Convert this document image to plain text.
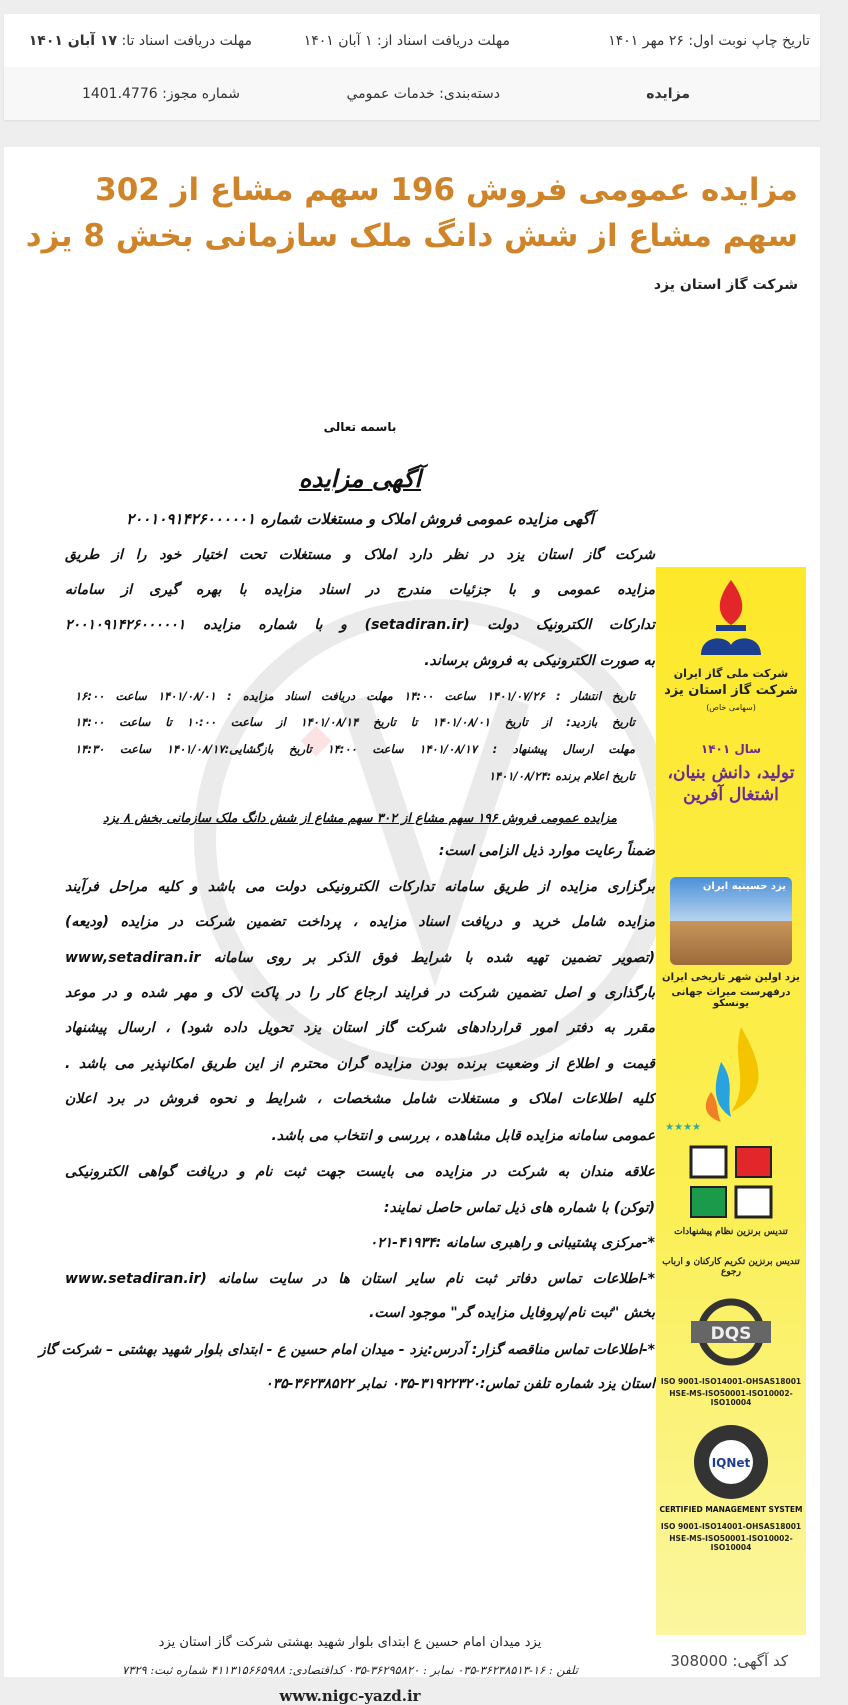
تاریخ چاپ نوبت اول: ۲۶ مهر ۱۴۰۱
مهلت دریافت اسناد از: ۱ آبان ۱۴۰۱
مهلت دریافت اسناد تا: ۱۷ آبان ۱۴۰۱
مزایده
دسته‌بندی: خدمات عمومي
شماره مجوز: 1401.4776
مزایده عمومی فروش 196 سهم مشاع از 302 سهم مشاع از شش دانگ ملک سازمانی بخش 8 یزد
شرکت گاز استان یزد
باسمه تعالی
آگهی مزایده
آگهی مزایده عمومی فروش املاک و مستغلات شماره ۲۰۰۱۰۹۱۴۲۶۰۰۰۰۰۱
شرکت گاز استان یزد در نظر دارد املاک و مستغلات تحت اختیار خود را از طریق
مزایده عمومی و با جزئیات مندرج در اسناد مزایده با بهره گیری از سامانه
تدارکات الکترونیک دولت (setadiran.ir) و با شماره مزایده ۲۰۰۱۰۹۱۴۲۶۰۰۰۰۰۱
به صورت الکترونیکی به فروش برساند.
تاریخ انتشار : ۱۴۰۱/۰۷/۲۶ ساعت ۱۴:۰۰ مهلت دریافت اسناد مزایده : ۱۴۰۱/۰۸/۰۱ ساعت ۱۶:۰۰
تاریخ بازدید: از تاریخ ۱۴۰۱/۰۸/۰۱ تا تاریخ ۱۴۰۱/۰۸/۱۴ از ساعت ۱۰:۰۰ تا ساعت ۱۴:۰۰
مهلت ارسال پیشنهاد : ۱۴۰۱/۰۸/۱۷ ساعت ۱۴:۰۰ تاریخ بازگشایی:۱۴۰۱/۰۸/۱۷ ساعت ۱۴:۳۰
تاریخ اعلام برنده :۱۴۰۱/۰۸/۲۴
مزایده عمومی فروش ۱۹۶ سهم مشاع از ۳۰۲ سهم مشاع از شش دانگ ملک سازمانی بخش ۸ یزد
ضمناً رعایت موارد ذیل الزامی است:
برگزاری مزایده از طریق سامانه تدارکات الکترونیکی دولت می باشد و کلیه مراحل فرآیند
مزایده شامل خرید و دریافت اسناد مزایده ، پرداخت تضمین شرکت در مزایده (ودیعه)
(تصویر تضمین تهیه شده با شرایط فوق الذکر بر روی سامانه www,setadiran.ir
بارگذاری و اصل تضمین شرکت در فرایند ارجاع کار را در پاکت لاک و مهر شده و در موعد
مقرر به دفتر امور قراردادهای شرکت گاز استان یزد تحویل داده شود) ، ارسال پیشنهاد
قیمت و اطلاع از وضعیت برنده بودن مزایده گران محترم از این طریق امکانپذیر می باشد .
کلیه اطلاعات املاک و مستغلات شامل مشخصات ، شرایط و نحوه فروش در برد اعلان
عمومی سامانه مزایده قابل مشاهده ، بررسی و انتخاب می باشد.
علاقه مندان به شرکت در مزایده می بایست جهت ثبت نام و دریافت گواهی الکترونیکی
(توکن) با شماره های ذیل تماس حاصل نمایند:
*-مرکزی پشتیبانی و راهبری سامانه :۴۱۹۳۴-۰۲۱
*-اطلاعات تماس دفاتر ثبت نام سایر استان ها در سایت سامانه (www.setadiran.ir
بخش "ثبت نام/پروفایل مزایده گر" موجود است.
*-اطلاعات تماس مناقصه گزار: آدرس:یزد - میدان امام حسین ع - ابتدای بلوار شهید بهشتی – شرکت گاز
استان یزد شماره تلفن تماس:۳۱۹۲۲۳۲۰-۰۳۵ نمابر ۳۶۲۳۸۵۲۲-۰۳۵
شرکت ملی گاز ایران
شرکت گاز استان یزد
(سهامی خاص)
سال ۱۴۰۱
تولید، دانش بنیان، اشتغال آفرین
یزد حسینیه ایران
یزد اولین شهر تاریخی ایران
درفهرست میراث جهانی یونسکو
★★★★
تندیس برنزین نظام پیشنهادات
تندیس برنزین تکریم کارکنان و ارباب رجوع
DQS
ISO 9001-ISO14001-OHSAS18001
HSE-MS-ISO50001-ISO10002-ISO10004
IQNet
CERTIFIED MANAGEMENT SYSTEM
ISO 9001-ISO14001-OHSAS18001
HSE-MS-ISO50001-ISO10002-ISO10004
یزد میدان امام حسین ع ابتدای بلوار شهید بهشتی شرکت گاز استان یزد
تلفن : ۱۶-۳۶۲۳۸۵۱۳-۰۳۵ نمابر : ۳۶۲۹۵۸۲۰-۰۳۵ کداقتصادی: ۴۱۱۳۱۵۶۶۵۹۸۸ شماره ثبت: ۷۳۲۹
www.nigc-yazd.ir
کد آگهی: 308000
